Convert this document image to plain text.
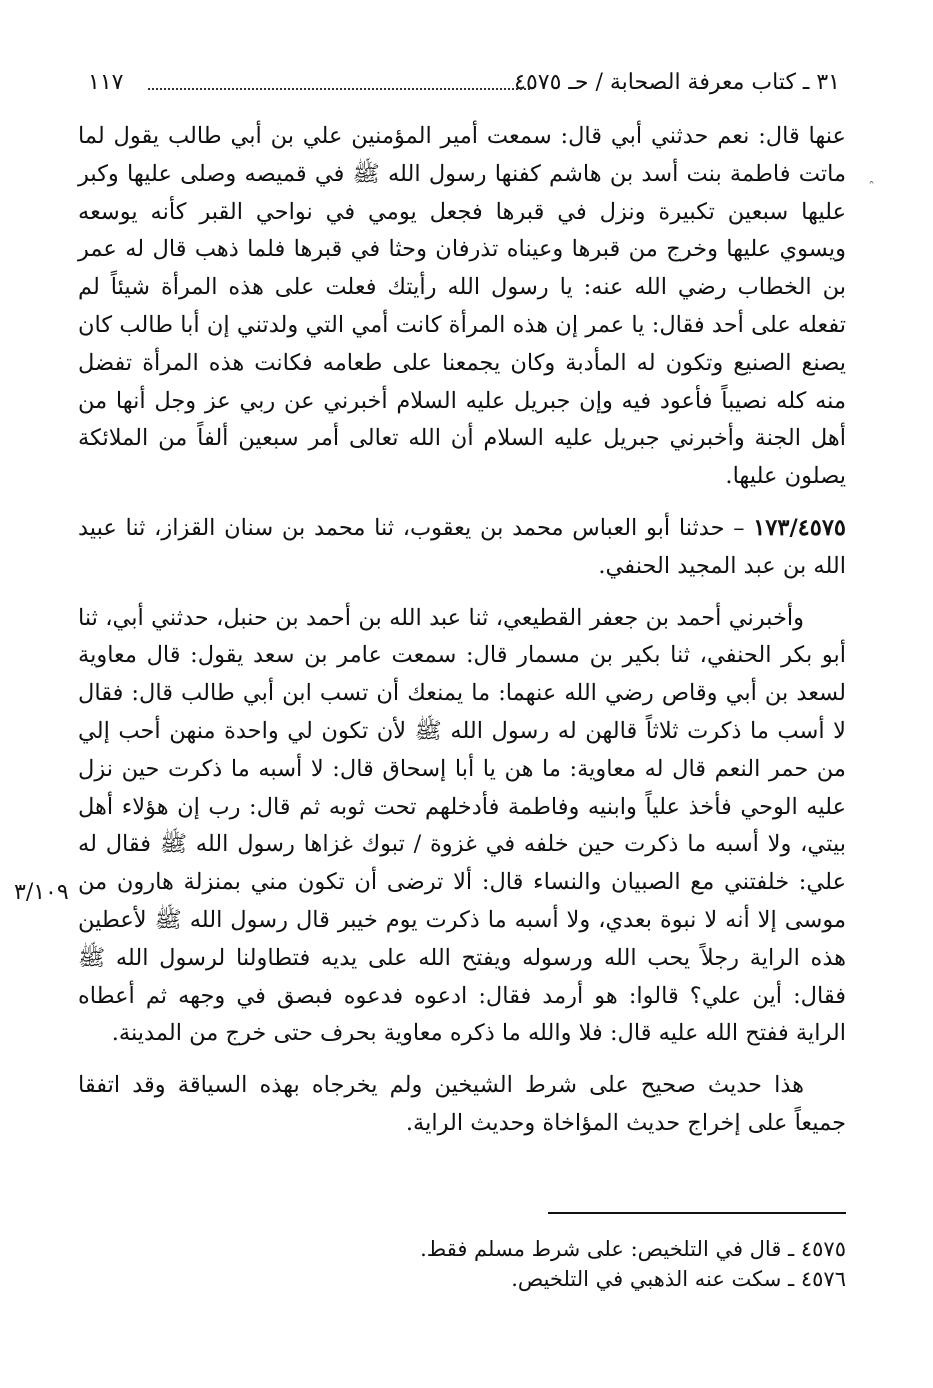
٣١ ـ كتاب معرفة الصحابة / حـ ٤٥٧٥
١١٧
ˆ

عنها قال: نعم حدثني أبي قال: سمعت أمير المؤمنين علي بن أبي طالب يقول لما ماتت فاطمة بنت أسد بن هاشم كفنها رسول الله ﷺ في قميصه وصلى عليها وكبر عليها سبعين تكبيرة ونزل في قبرها فجعل يومي في نواحي القبر كأنه يوسعه ويسوي عليها وخرج من قبرها وعيناه تذرفان وحثا في قبرها فلما ذهب قال له عمر بن الخطاب رضي الله عنه: يا رسول الله رأيتك فعلت على هذه المرأة شيئاً لم تفعله على أحد فقال: يا عمر إن هذه المرأة كانت أمي التي ولدتني إن أبا طالب كان يصنع الصنيع وتكون له المأدبة وكان يجمعنا على طعامه فكانت هذه المرأة تفضل منه كله نصيباً فأعود فيه وإن جبريل عليه السلام أخبرني عن ربي عز وجل أنها من أهل الجنة وأخبرني جبريل عليه السلام أن الله تعالى أمر سبعين ألفاً من الملائكة يصلون عليها.

١٧٣/٤٥٧٥ – حدثنا أبو العباس محمد بن يعقوب، ثنا محمد بن سنان القزاز، ثنا عبيد الله بن عبد المجيد الحنفي.

وأخبرني أحمد بن جعفر القطيعي، ثنا عبد الله بن أحمد بن حنبل، حدثني أبي، ثنا أبو بكر الحنفي، ثنا بكير بن مسمار قال: سمعت عامر بن سعد يقول: قال معاوية لسعد بن أبي وقاص رضي الله عنهما: ما يمنعك أن تسب ابن أبي طالب قال: فقال لا أسب ما ذكرت ثلاثاً قالهن له رسول الله ﷺ لأن تكون لي واحدة منهن أحب إلي من حمر النعم قال له معاوية: ما هن يا أبا إسحاق قال: لا أسبه ما ذكرت حين نزل عليه الوحي فأخذ علياً وابنيه وفاطمة فأدخلهم تحت ثوبه ثم قال: رب إن هؤلاء أهل بيتي، ولا أسبه ما ذكرت حين خلفه في غزوة / تبوك غزاها رسول الله ﷺ فقال له علي: خلفتني مع الصبيان والنساء قال: ألا ترضى أن تكون مني بمنزلة هارون من موسى إلا أنه لا نبوة بعدي، ولا أسبه ما ذكرت يوم خيبر قال رسول الله ﷺ لأعطين هذه الراية رجلاً يحب الله ورسوله ويفتح الله على يديه فتطاولنا لرسول الله ﷺ فقال: أين علي؟ قالوا: هو أرمد فقال: ادعوه فدعوه فبصق في وجهه ثم أعطاه الراية ففتح الله عليه قال: فلا والله ما ذكره معاوية بحرف حتى خرج من المدينة.

هذا حديث صحيح على شرط الشيخين ولم يخرجاه بهذه السياقة وقد اتفقا جميعاً على إخراج حديث المؤاخاة وحديث الراية.

٣/١٠٩
٤٥٧٥ ـ قال في التلخيص: على شرط مسلم فقط.
٤٥٧٦ ـ سكت عنه الذهبي في التلخيص.
